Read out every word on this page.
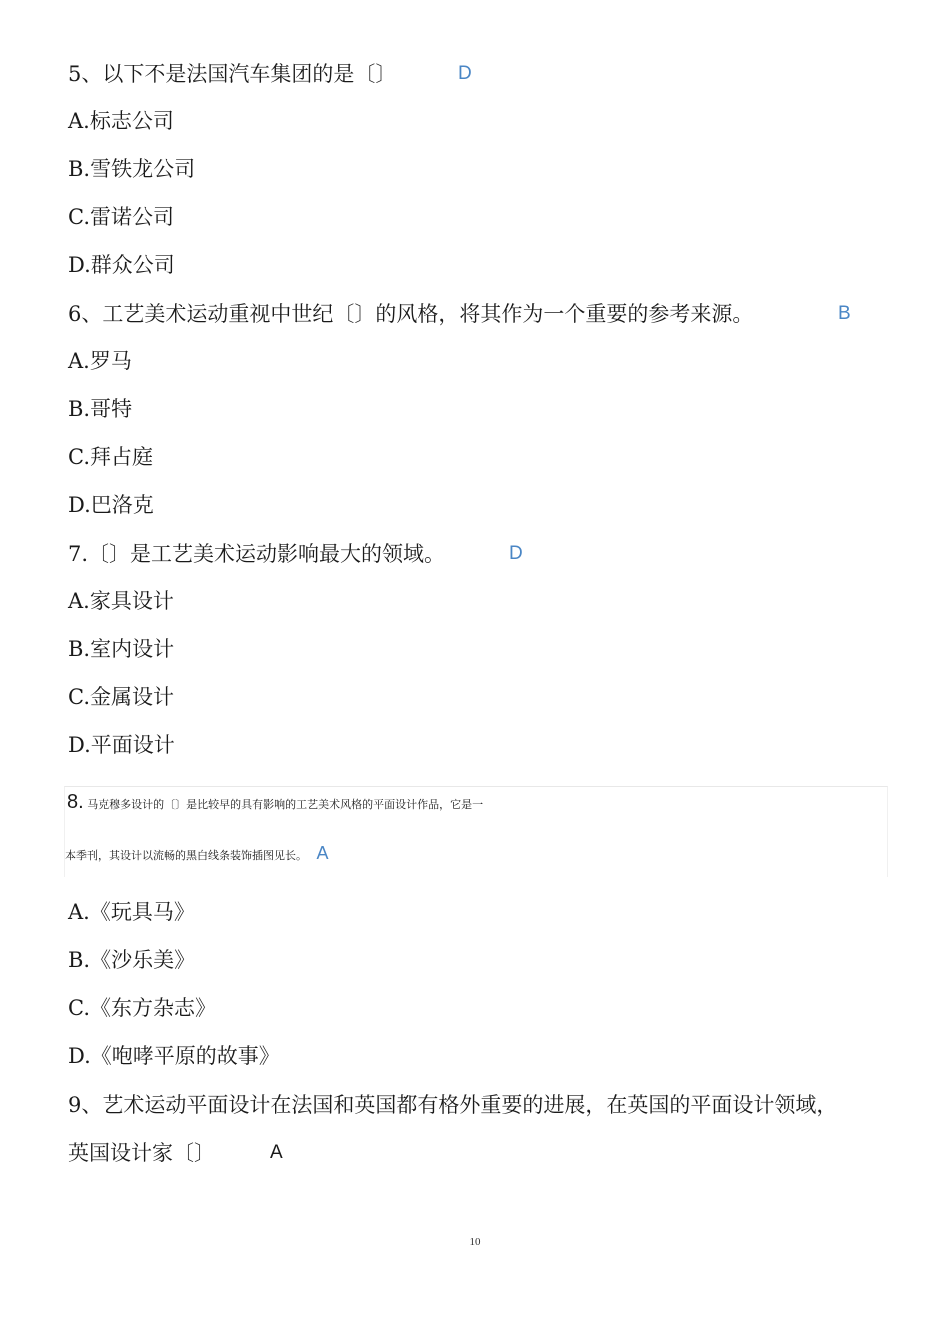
5、以下不是法国汽车集团的是〔〕	D
A.标志公司
B.雪铁龙公司
C.雷诺公司
D.群众公司
6、工艺美术运动重视中世纪〔〕的风格，将其作为一个重要的参考来源。	B
A.罗马
B.哥特
C.拜占庭
D.巴洛克
7.〔〕是工艺美术运动影响最大的领域。	D
A.家具设计
B.室内设计
C.金属设计
D.平面设计
8. 马克穆多设计的〔〕是比较早的具有影响的工艺美术风格的平面设计作品，它是一
本季刊，其设计以流畅的黑白线条装饰插图见长。 A
A.《玩具马》
B.《沙乐美》
C.《东方杂志》
D.《咆哮平原的故事》
9、艺术运动平面设计在法国和英国都有格外重要的进展，在英国的平面设计领域，
英国设计家〔〕	A
10
